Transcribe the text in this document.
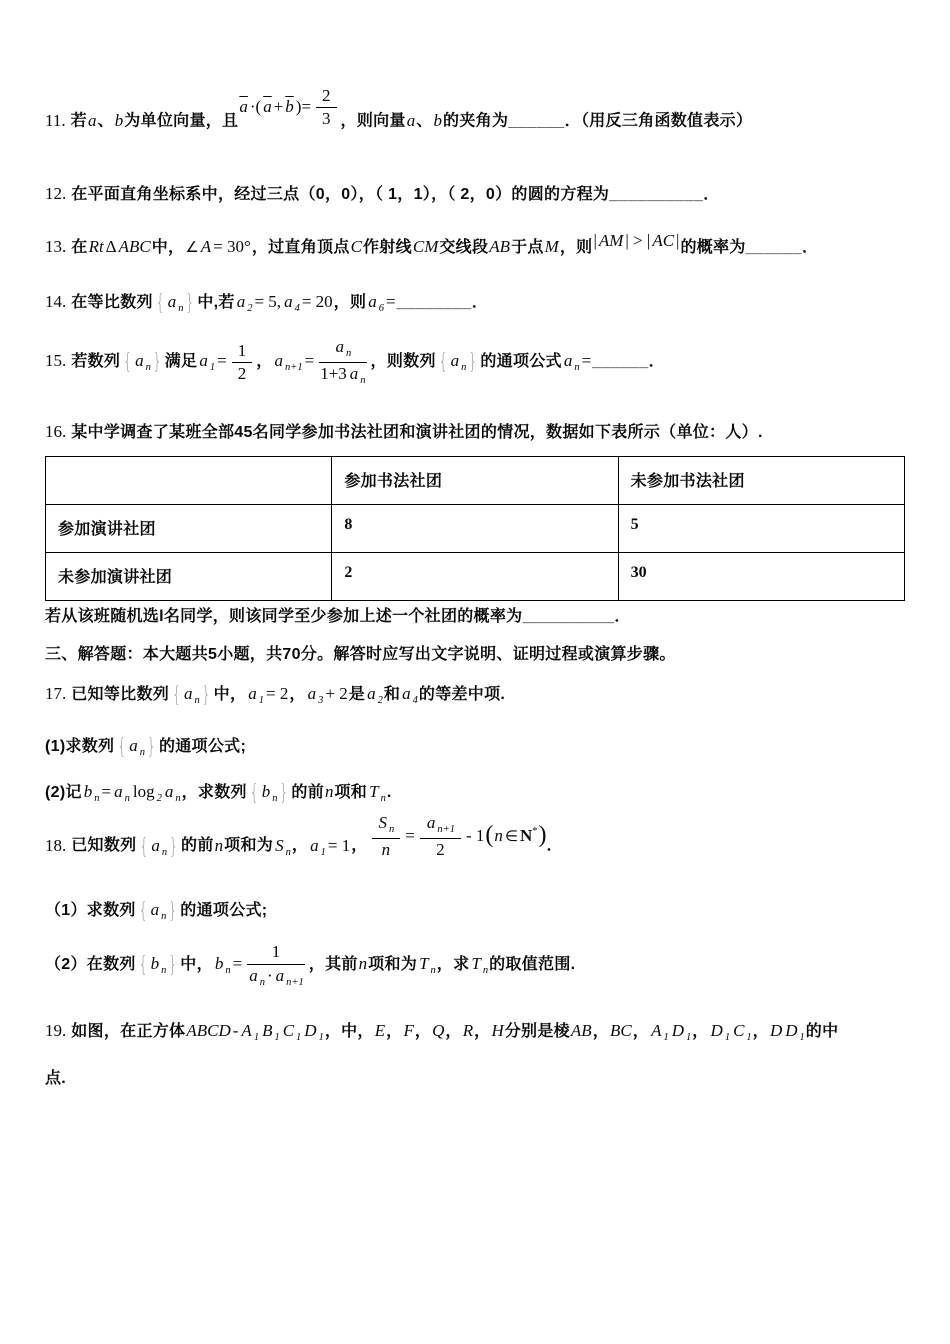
11. 若a、b为单位向量，且$\overline{a}$ ·( $\overline{a} + \overline{b}$ )= $\frac{2}{3}$ ，则向量a、b的夹角为______．（用反三角函数值表示）
12. 在平面直角坐标系中，经过三点（0，0），（ 1，1），（ 2，0）的圆的方程为__________．
13. 在Rt Δ ABC中，∠ A = 30°，过直角顶点C作射线CM交线段AB于点M，则| AM | > | AC |的概率为______．
14. 在等比数列 { a $_n$ } 中,若 a $_2$ = 5, a $_4$ = 20，则 a $_6$ =________．
15. 若数列 { a $_n$ } 满足 a $_1 = \frac{1}{2}$ ， a $_{n+1} = \frac{a _n}{1+3 a _n}$ ，则数列 { a $_n$ } 的通项公式 a $_n$ =______．
16. 某中学调查了某班全部45名同学参加书法社团和演讲社团的情况，数据如下表所示（单位：人）.
	参加书法社团	未参加书法社团
参加演讲社团	8	5
未参加演讲社团	2	30
若从该班随机选l名同学，则该同学至少参加上述一个社团的概率为__________．
三、解答题：本大题共5小题，共70分。解答时应写出文字说明、证明过程或演算步骤。
17. 已知等比数列 { a $_n$ } 中， a $_1$ = 2， a $_3$ + 2是 a $_2$和 a $_4$的等差中项.
(1)求数列 { a $_n$ } 的通项公式;
(2)记 b $_n$ = a $_n$ log $_2$ a $_n$，求数列 { b $_n$ } 的前n项和 T $_n$.
18. 已知数列 { a $_n$ } 的前n项和为 S $_n$， a $_1$ = 1， $\frac{S _n}{n} = \frac{a _{n+1}}{2} - 1(n$ ∈ N*)．
（1）求数列 { a $_n$ } 的通项公式;
（2）在数列 { b $_n$ } 中， b $_n = \frac{1}{a _n \cdot a _{n+1}}$ ，其前n项和为 T $_n$，求 T $_n$的取值范围.
19. 如图，在正方体ABCD - A $_1$ B $_1$ C $_1$ D $_1$，中，E，F，Q，R，H分别是棱AB，BC， A $_1$ D $_1$， D $_1$ C $_1$，D D $_1$的中
点.
